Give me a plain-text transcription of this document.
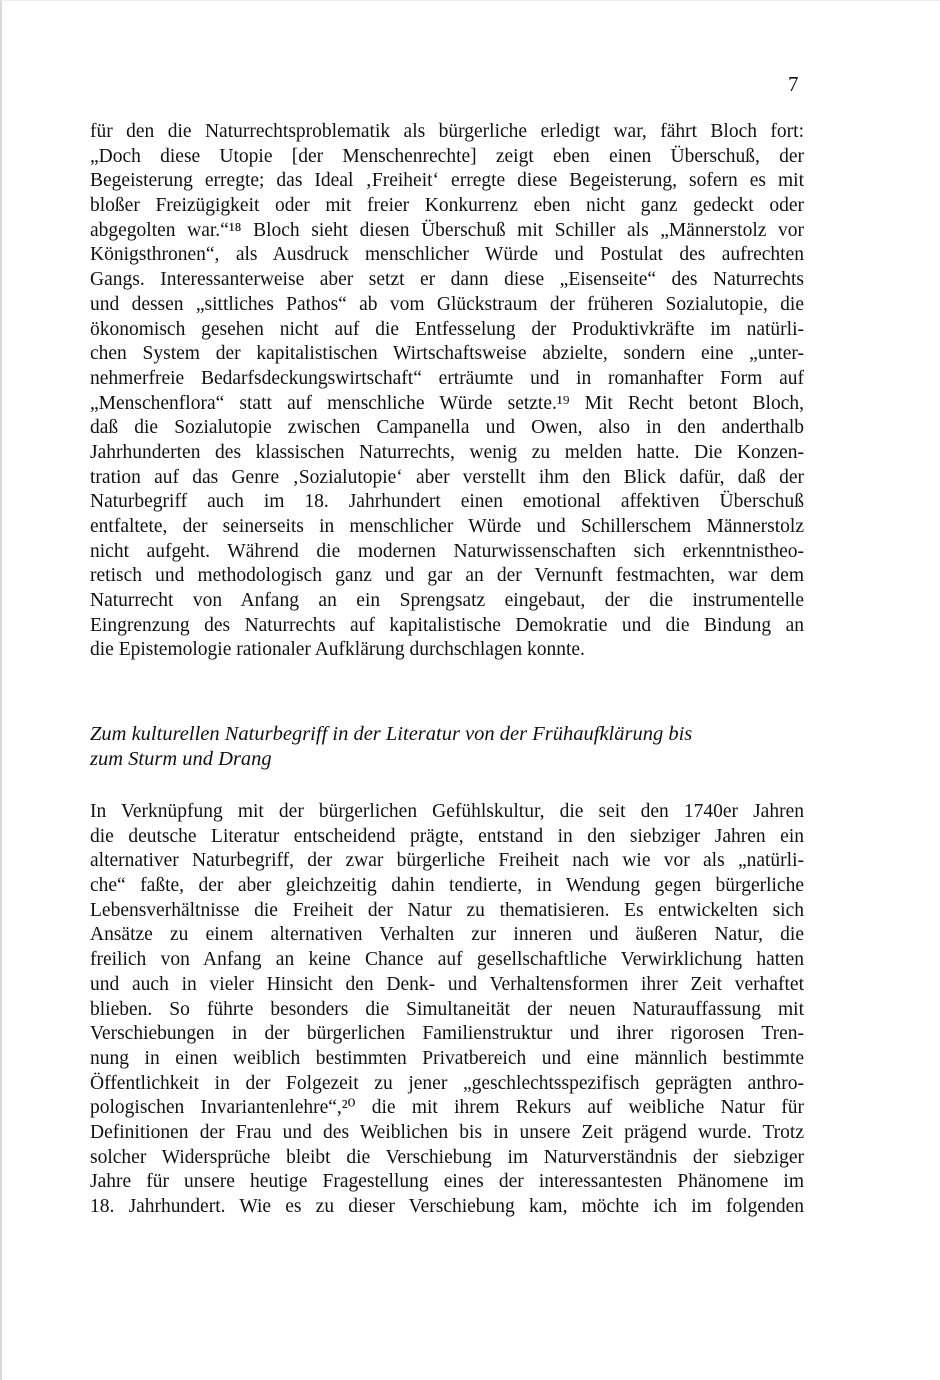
7
für den die Naturrechtsproblematik als bürgerliche erledigt war, fährt Bloch fort:
„Doch diese Utopie [der Menschenrechte] zeigt eben einen Überschuß, der
Begeisterung erregte; das Ideal ‚Freiheit‘ erregte diese Begeisterung, sofern es mit
bloßer Freizügigkeit oder mit freier Konkurrenz eben nicht ganz gedeckt oder
abgegolten war.“¹⁸ Bloch sieht diesen Überschuß mit Schiller als „Männerstolz vor
Königsthronen“, als Ausdruck menschlicher Würde und Postulat des aufrechten
Gangs. Interessanterweise aber setzt er dann diese „Eisenseite“ des Naturrechts
und dessen „sittliches Pathos“ ab vom Glückstraum der früheren Sozialutopie, die
ökonomisch gesehen nicht auf die Entfesselung der Produktivkräfte im natürli-
chen System der kapitalistischen Wirtschaftsweise abzielte, sondern eine „unter-
nehmerfreie Bedarfsdeckungswirtschaft“ erträumte und in romanhafter Form auf
„Menschenflora“ statt auf menschliche Würde setzte.¹⁹ Mit Recht betont Bloch,
daß die Sozialutopie zwischen Campanella und Owen, also in den anderthalb
Jahrhunderten des klassischen Naturrechts, wenig zu melden hatte. Die Konzen-
tration auf das Genre ‚Sozialutopie‘ aber verstellt ihm den Blick dafür, daß der
Naturbegriff auch im 18. Jahrhundert einen emotional affektiven Überschuß
entfaltete, der seinerseits in menschlicher Würde und Schillerschem Männerstolz
nicht aufgeht. Während die modernen Naturwissenschaften sich erkenntnistheo-
retisch und methodologisch ganz und gar an der Vernunft festmachten, war dem
Naturrecht von Anfang an ein Sprengsatz eingebaut, der die instrumentelle
Eingrenzung des Naturrechts auf kapitalistische Demokratie und die Bindung an
die Epistemologie rationaler Aufklärung durchschlagen konnte.
Zum kulturellen Naturbegriff in der Literatur von der Frühaufklärung bis
zum Sturm und Drang
In Verknüpfung mit der bürgerlichen Gefühlskultur, die seit den 1740er Jahren
die deutsche Literatur entscheidend prägte, entstand in den siebziger Jahren ein
alternativer Naturbegriff, der zwar bürgerliche Freiheit nach wie vor als „natürli-
che“ faßte, der aber gleichzeitig dahin tendierte, in Wendung gegen bürgerliche
Lebensverhältnisse die Freiheit der Natur zu thematisieren. Es entwickelten sich
Ansätze zu einem alternativen Verhalten zur inneren und äußeren Natur, die
freilich von Anfang an keine Chance auf gesellschaftliche Verwirklichung hatten
und auch in vieler Hinsicht den Denk- und Verhaltensformen ihrer Zeit verhaftet
blieben. So führte besonders die Simultaneität der neuen Naturauffassung mit
Verschiebungen in der bürgerlichen Familienstruktur und ihrer rigorosen Tren-
nung in einen weiblich bestimmten Privatbereich und eine männlich bestimmte
Öffentlichkeit in der Folgezeit zu jener „geschlechtsspezifisch geprägten anthro-
pologischen Invariantenlehre“,²⁰ die mit ihrem Rekurs auf weibliche Natur für
Definitionen der Frau und des Weiblichen bis in unsere Zeit prägend wurde. Trotz
solcher Widersprüche bleibt die Verschiebung im Naturverständnis der siebziger
Jahre für unsere heutige Fragestellung eines der interessantesten Phänomene im
18. Jahrhundert. Wie es zu dieser Verschiebung kam, möchte ich im folgenden
